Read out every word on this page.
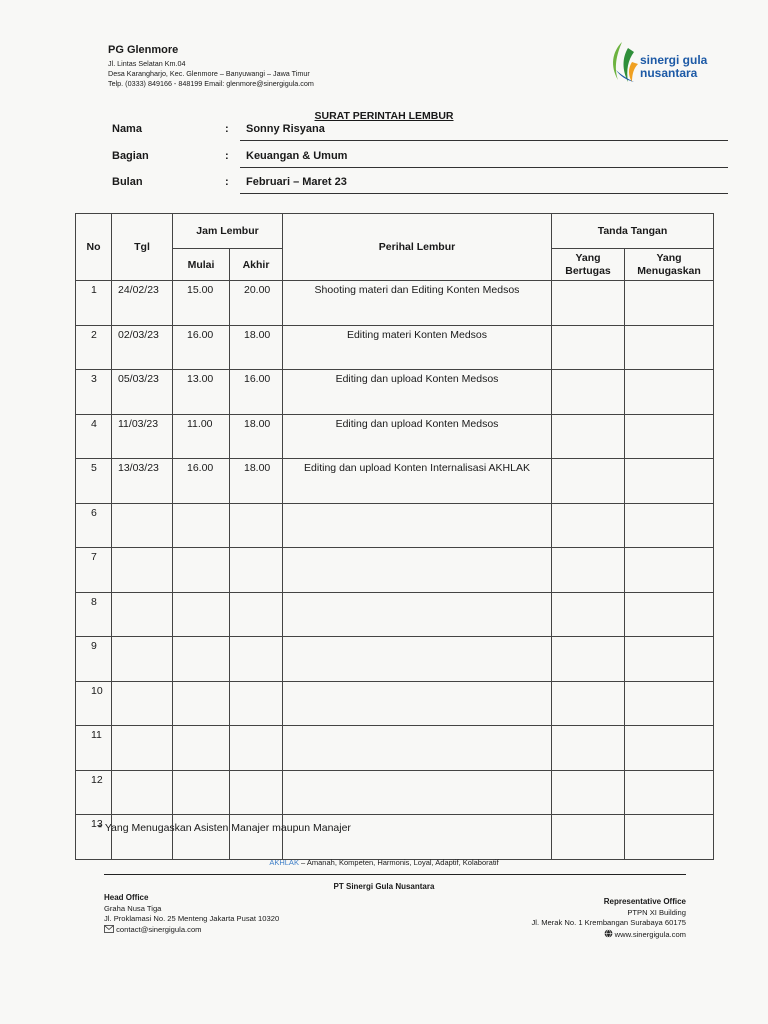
PG Glenmore
Jl. Lintas Selatan Km.04
Desa Karangharjo, Kec. Glenmore – Banyuwangi – Jawa Timur
Telp. (0333) 849166 - 848199 Email: glenmore@sinergigula.com
sinergi gula
nusantara
SURAT PERINTAH LEMBUR
Nama	: Sonny Risyana
Bagian	: Keuangan & Umum
Bulan	: Februari – Maret 23
No	Tgl	Jam Lembur		Perihal Lembur	Tanda Tangan	
		Mulai	Akhir		Yang Bertugas	Yang Menugaskan
1	24/02/23	15.00	20.00	Shooting materi dan Editing Konten Medsos		
2	02/03/23	16.00	18.00	Editing materi Konten Medsos		
3	05/03/23	13.00	16.00	Editing dan upload Konten Medsos		
4	11/03/23	11.00	18.00	Editing dan upload Konten Medsos		
5	13/03/23	16.00	18.00	Editing dan upload Konten Internalisasi AKHLAK		
6						
7						
8						
9						
10						
11						
12						
13						
* Yang Menugaskan Asisten Manajer maupun Manajer
AKHLAK – Amanah, Kompeten, Harmonis, Loyal, Adaptif, Kolaboratif
PT Sinergi Gula Nusantara
Head Office
Graha Nusa Tiga
Jl. Proklamasi No. 25 Menteng Jakarta Pusat 10320
contact@sinergigula.com
Representative Office
PTPN XI Building
Jl. Merak No. 1 Krembangan Surabaya 60175
www.sinergigula.com
